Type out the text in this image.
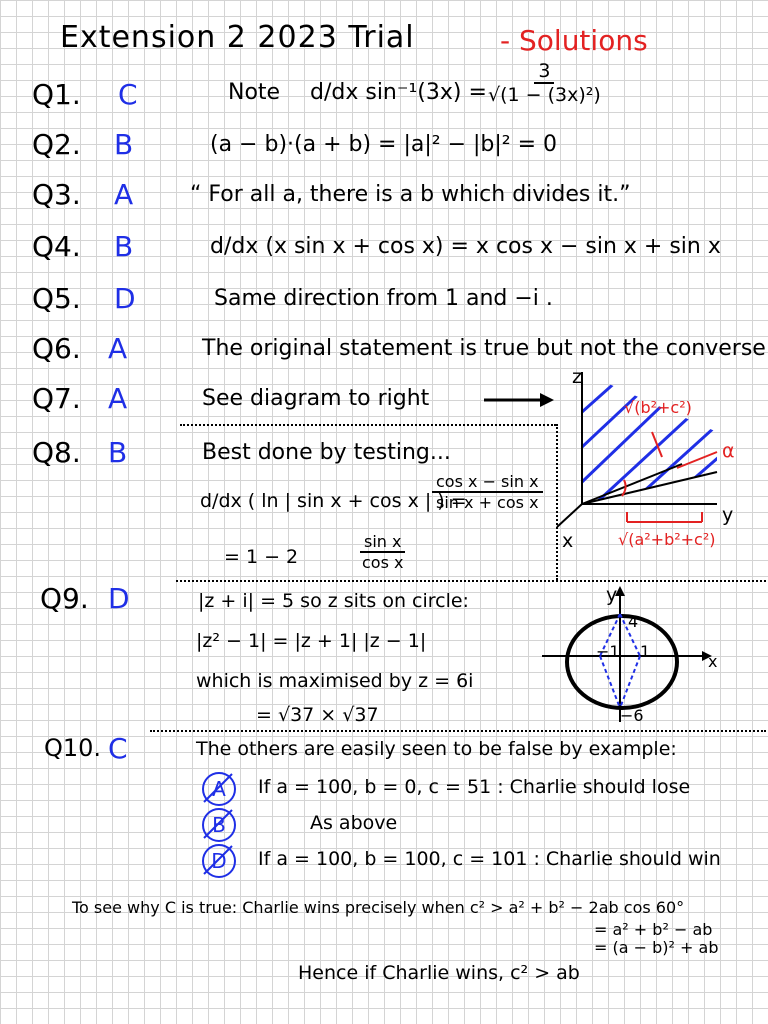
Extension 2 2023 Trial	- Solutions
Q1. C	Note d/dx $\sin^{-1}(3x) = \frac{3}{\text{√(1 − (3x)²)}}$
Q2. B	(a − b)·(a + b) = |a|² − |b|² = 0
Q3. A	“ For all a, there is a b which divides it.”
Q4. B	d/dx (x sin x + cos x) = x cos x − sin x + sin x
Q5. D	Same direction from 1 and −i .
Q6. A	The original statement is true but not the converse
Q7. A	See diagram to right
z
y
x
√(b²+c²)
√(a²+b²+c²)
α
Q8. B	Best done by testing...
d/dx ( ln | sin x + cos x | ) =
$\frac{\text{cos x − sin x}}{\text{sin x + cos x}}$
= 1 − 2	$\frac{\text{sin x}}{\text{cos x}}$
Q9. D	|z + i| = 5 so z sits on circle:
|z² − 1| = |z + 1| |z − 1|
which is maximised by z = 6i
= √37 × √37
y
x
4
−6
−1 1
Q10. C	The others are easily seen to be false by example:
A	If a = 100, b = 0, c = 51 : Charlie should lose
B	As above
D	If a = 100, b = 100, c = 101 : Charlie should win
To see why C is true: Charlie wins precisely when c² > a² + b² − 2ab cos 60°
= a² + b² − ab
= (a − b)² + ab
Hence if Charlie wins, c² > ab
